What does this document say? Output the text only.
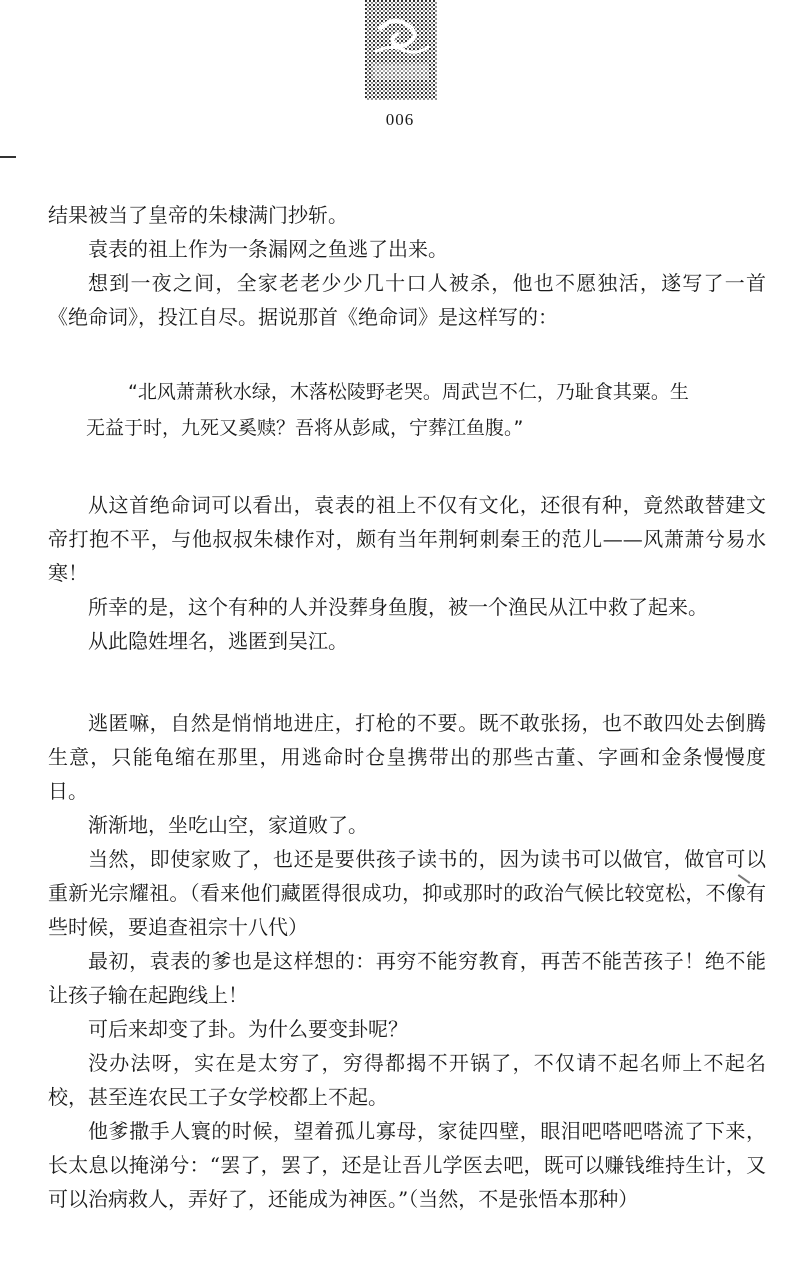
006

结果被当了皇帝的朱棣满门抄斩。

袁表的祖上作为一条漏网之鱼逃了出来。

想到一夜之间，全家老老少少几十口人被杀，他也不愿独活，遂写了一首《绝命词》，投江自尽。据说那首《绝命词》是这样写的：

“北风萧萧秋水绿，木落松陵野老哭。周武岂不仁，乃耻食其粟。生
无益于时，九死又奚赎？吾将从彭咸，宁葬江鱼腹。”

从这首绝命词可以看出，袁表的祖上不仅有文化，还很有种，竟然敢替建文帝打抱不平，与他叔叔朱棣作对，颇有当年荆轲刺秦王的范儿——风萧萧兮易水寒！

所幸的是，这个有种的人并没葬身鱼腹，被一个渔民从江中救了起来。

从此隐姓埋名，逃匿到吴江。

逃匿嘛，自然是悄悄地进庄，打枪的不要。既不敢张扬，也不敢四处去倒腾生意，只能龟缩在那里，用逃命时仓皇携带出的那些古董、字画和金条慢慢度日。

渐渐地，坐吃山空，家道败了。

当然，即使家败了，也还是要供孩子读书的，因为读书可以做官，做官可以重新光宗耀祖。（看来他们藏匿得很成功，抑或那时的政治气候比较宽松，不像有些时候，要追查祖宗十八代）

最初，袁表的爹也是这样想的：再穷不能穷教育，再苦不能苦孩子！绝不能让孩子输在起跑线上！

可后来却变了卦。为什么要变卦呢？

没办法呀，实在是太穷了，穷得都揭不开锅了，不仅请不起名师上不起名校，甚至连农民工子女学校都上不起。

他爹撒手人寰的时候，望着孤儿寡母，家徒四壁，眼泪吧嗒吧嗒流了下来，长太息以掩涕兮：“罢了，罢了，还是让吾儿学医去吧，既可以赚钱维持生计，又可以治病救人，弄好了，还能成为神医。”（当然，不是张悟本那种）
